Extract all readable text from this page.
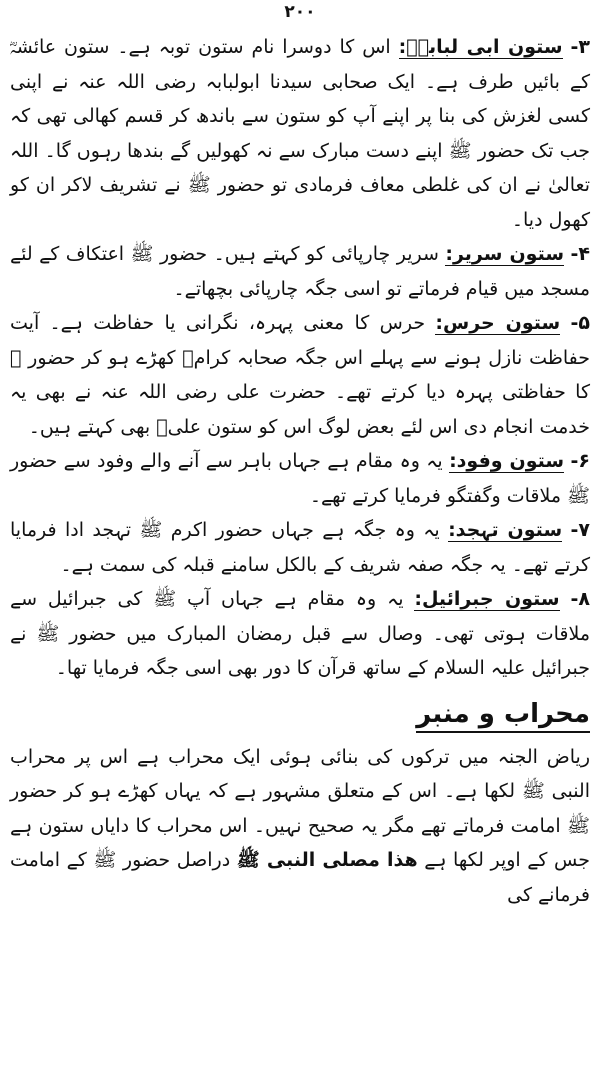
۲۰۰

۳- ستون ابی لبابہؓ: اس کا دوسرا نام ستون توبہ ہے۔ ستون عائشہؓ کے بائیں طرف ہے۔ ایک صحابی سیدنا ابولبابہ رضی اللہ عنہ نے اپنی کسی لغزش کی بنا پر اپنے آپ کو ستون سے باندھ کر قسم کھالی تھی کہ جب تک حضور ﷺ اپنے دست مبارک سے نہ کھولیں گے بندھا رہوں گا۔ اللہ تعالیٰ نے ان کی غلطی معاف فرمادی تو حضور ﷺ نے تشریف لاکر ان کو کھول دیا۔

۴- ستون سریر: سریر چارپائی کو کہتے ہیں۔ حضور ﷺ اعتکاف کے لئے مسجد میں قیام فرماتے تو اسی جگہ چارپائی بچھاتے۔

۵- ستون حرس: حرس کا معنی پہرہ، نگرانی یا حفاظت ہے۔ آیت حفاظت نازل ہونے سے پہلے اس جگہ صحابہ کرامؓ کھڑے ہو کر حضور ﷺ کا حفاظتی پہرہ دیا کرتے تھے۔ حضرت علی رضی اللہ عنہ نے بھی یہ خدمت انجام دی اس لئے بعض لوگ اس کو ستون علیؓ بھی کہتے ہیں۔

۶- ستون وفود: یہ وہ مقام ہے جہاں باہر سے آنے والے وفود سے حضور ﷺ ملاقات وگفتگو فرمایا کرتے تھے۔

۷- ستون تہجد: یہ وہ جگہ ہے جہاں حضور اکرم ﷺ تہجد ادا فرمایا کرتے تھے۔ یہ جگہ صفہ شریف کے بالکل سامنے قبلہ کی سمت ہے۔

۸- ستون جبرائیل: یہ وہ مقام ہے جہاں آپ ﷺ کی جبرائیل سے ملاقات ہوتی تھی۔ وصال سے قبل رمضان المبارک میں حضور ﷺ نے جبرائیل علیہ السلام کے ساتھ قرآن کا دور بھی اسی جگہ فرمایا تھا۔

محراب و منبر

ریاض الجنہ میں ترکوں کی بنائی ہوئی ایک محراب ہے اس پر محراب النبی ﷺ لکھا ہے۔ اس کے متعلق مشہور ہے کہ یہاں کھڑے ہو کر حضور ﷺ امامت فرماتے تھے مگر یہ صحیح نہیں۔ اس محراب کا دایاں ستون ہے جس کے اوپر لکھا ہے ھذا مصلی النبی ﷺ دراصل حضور ﷺ کے امامت فرمانے کی
